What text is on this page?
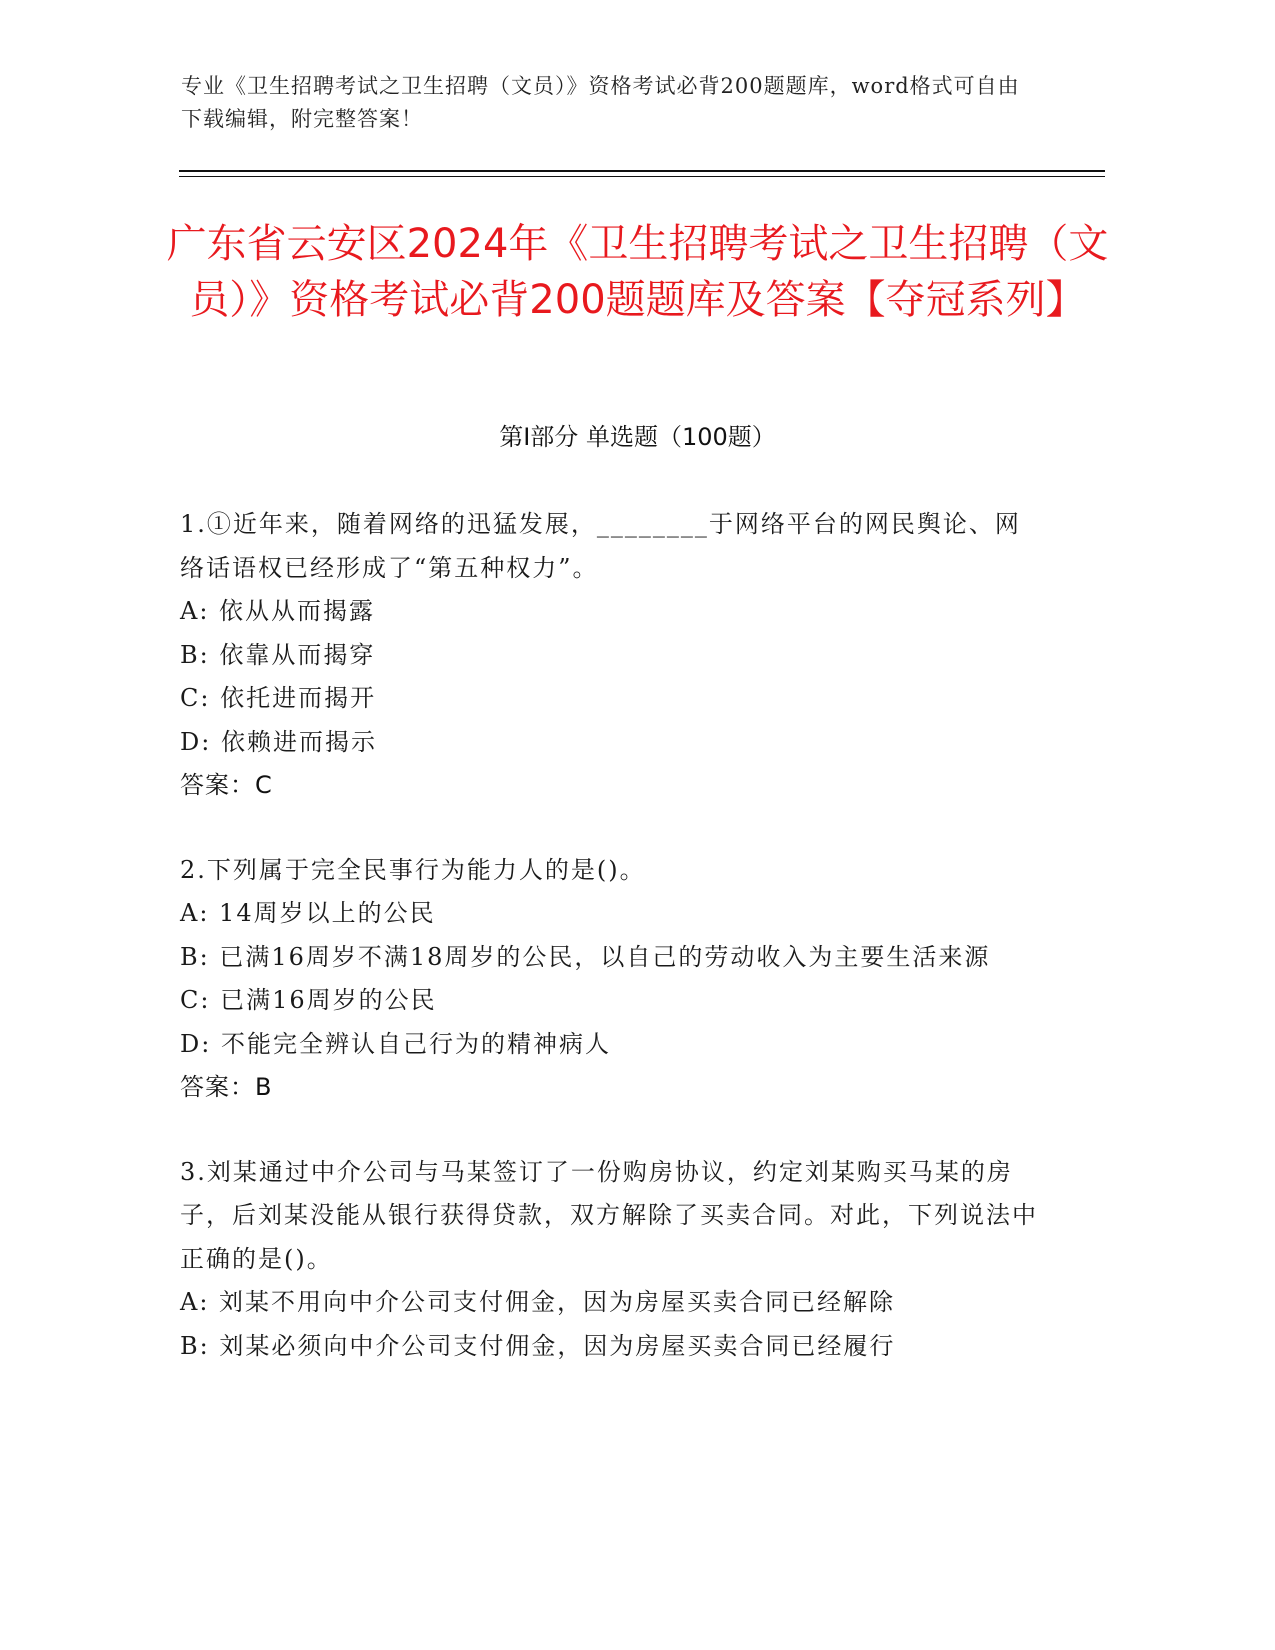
专业《卫生招聘考试之卫生招聘（文员）》资格考试必背200题题库，word格式可自由下载编辑，附完整答案！
广东省云安区2024年《卫生招聘考试之卫生招聘（文员）》资格考试必背200题题库及答案【夺冠系列】
第Ⅰ部分 单选题（100题）
1.①近年来，随着网络的迅猛发展，________于网络平台的网民舆论、网络话语权已经形成了“第五种权力”。
A: 依从从而揭露
B: 依靠从而揭穿
C: 依托进而揭开
D: 依赖进而揭示
答案：C
2.下列属于完全民事行为能力人的是()。
A: 14周岁以上的公民
B: 已满16周岁不满18周岁的公民，以自己的劳动收入为主要生活来源
C: 已满16周岁的公民
D: 不能完全辨认自己行为的精神病人
答案：B
3.刘某通过中介公司与马某签订了一份购房协议，约定刘某购买马某的房子，后刘某没能从银行获得贷款，双方解除了买卖合同。对此，下列说法中正确的是()。
A: 刘某不用向中介公司支付佣金，因为房屋买卖合同已经解除
B: 刘某必须向中介公司支付佣金，因为房屋买卖合同已经履行
